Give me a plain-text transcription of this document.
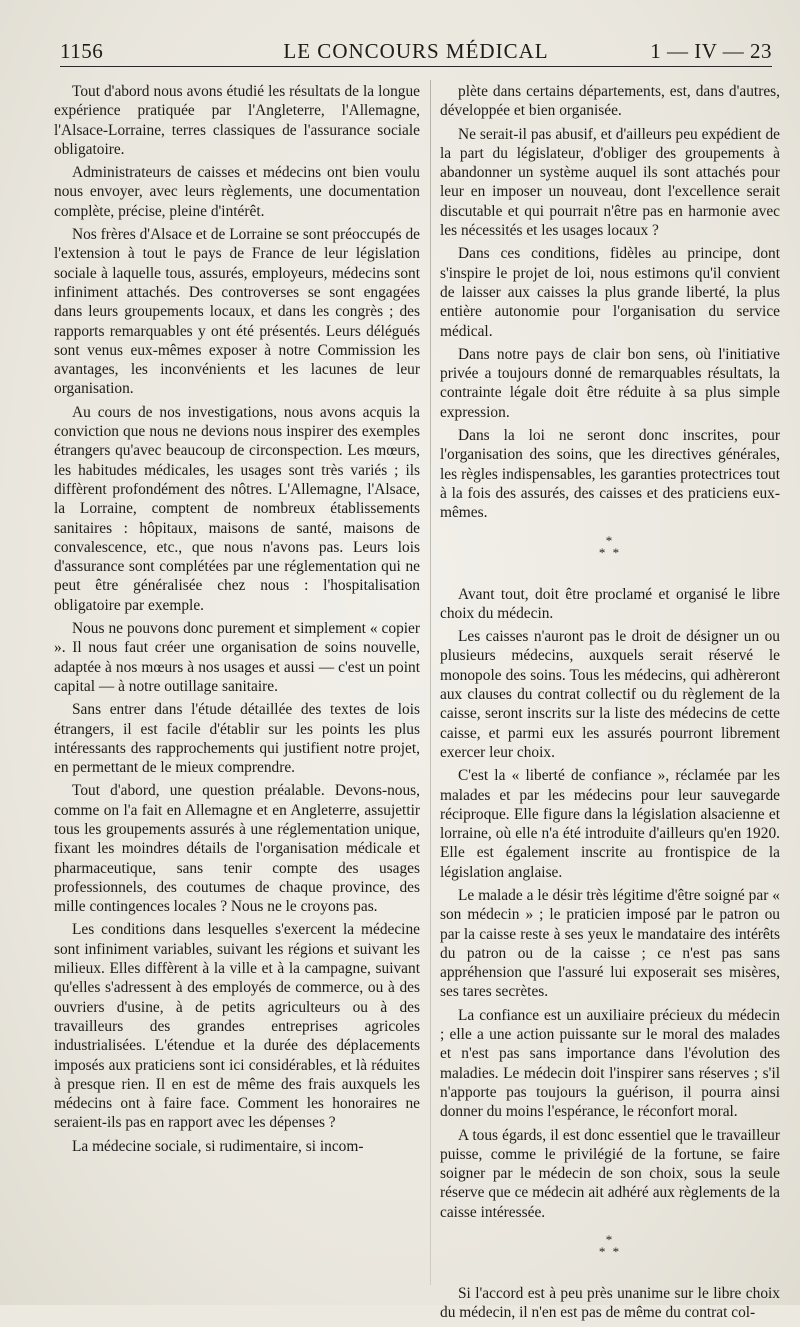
1156	LE CONCOURS MÉDICAL	1 — IV — 23

Tout d'abord nous avons étudié les résultats de la longue expérience pratiquée par l'Angleterre, l'Allemagne, l'Alsace-Lorraine, terres classiques de l'assurance sociale obligatoire.

Administrateurs de caisses et médecins ont bien voulu nous envoyer, avec leurs règlements, une documentation complète, précise, pleine d'intérêt.

Nos frères d'Alsace et de Lorraine se sont préoccupés de l'extension à tout le pays de France de leur législation sociale à laquelle tous, assurés, employeurs, médecins sont infiniment attachés. Des controverses se sont engagées dans leurs groupements locaux, et dans les congrès ; des rapports remarquables y ont été présentés. Leurs délégués sont venus eux-mêmes exposer à notre Commission les avantages, les inconvénients et les lacunes de leur organisation.

Au cours de nos investigations, nous avons acquis la conviction que nous ne devions nous inspirer des exemples étrangers qu'avec beaucoup de circonspection. Les mœurs, les habitudes médicales, les usages sont très variés ; ils diffèrent profondément des nôtres. L'Allemagne, l'Alsace, la Lorraine, comptent de nombreux établissements sanitaires : hôpitaux, maisons de santé, maisons de convalescence, etc., que nous n'avons pas. Leurs lois d'assurance sont complétées par une réglementation qui ne peut être généralisée chez nous : l'hospitalisation obligatoire par exemple.

Nous ne pouvons donc purement et simplement « copier ». Il nous faut créer une organisation de soins nouvelle, adaptée à nos mœurs à nos usages et aussi — c'est un point capital — à notre outillage sanitaire.

Sans entrer dans l'étude détaillée des textes de lois étrangers, il est facile d'établir sur les points les plus intéressants des rapprochements qui justifient notre projet, en permettant de le mieux comprendre.

Tout d'abord, une question préalable. Devons-nous, comme on l'a fait en Allemagne et en Angleterre, assujettir tous les groupements assurés à une réglementation unique, fixant les moindres détails de l'organisation médicale et pharmaceutique, sans tenir compte des usages professionnels, des coutumes de chaque province, des mille contingences locales ? Nous ne le croyons pas.

Les conditions dans lesquelles s'exercent la médecine sont infiniment variables, suivant les régions et suivant les milieux. Elles diffèrent à la ville et à la campagne, suivant qu'elles s'adressent à des employés de commerce, ou à des ouvriers d'usine, à de petits agriculteurs ou à des travailleurs des grandes entreprises agricoles industrialisées. L'étendue et la durée des déplacements imposés aux praticiens sont ici considérables, et là réduites à presque rien. Il en est de même des frais auxquels les médecins ont à faire face. Comment les honoraires ne seraient-ils pas en rapport avec les dépenses ?

La médecine sociale, si rudimentaire, si incom-

plète dans certains départements, est, dans d'autres, développée et bien organisée.

Ne serait-il pas abusif, et d'ailleurs peu expédient de la part du législateur, d'obliger des groupements à abandonner un système auquel ils sont attachés pour leur en imposer un nouveau, dont l'excellence serait discutable et qui pourrait n'être pas en harmonie avec les nécessités et les usages locaux ?

Dans ces conditions, fidèles au principe, dont s'inspire le projet de loi, nous estimons qu'il convient de laisser aux caisses la plus grande liberté, la plus entière autonomie pour l'organisation du service médical.

Dans notre pays de clair bon sens, où l'initiative privée a toujours donné de remarquables résultats, la contrainte légale doit être réduite à sa plus simple expression.

Dans la loi ne seront donc inscrites, pour l'organisation des soins, que les directives générales, les règles indispensables, les garanties protectrices tout à la fois des assurés, des caisses et des praticiens eux-mêmes.

*
* *

Avant tout, doit être proclamé et organisé le libre choix du médecin.

Les caisses n'auront pas le droit de désigner un ou plusieurs médecins, auxquels serait réservé le monopole des soins. Tous les médecins, qui adhèreront aux clauses du contrat collectif ou du règlement de la caisse, seront inscrits sur la liste des médecins de cette caisse, et parmi eux les assurés pourront librement exercer leur choix.

C'est la « liberté de confiance », réclamée par les malades et par les médecins pour leur sauvegarde réciproque. Elle figure dans la législation alsacienne et lorraine, où elle n'a été introduite d'ailleurs qu'en 1920. Elle est également inscrite au frontispice de la législation anglaise.

Le malade a le désir très légitime d'être soigné par « son médecin » ; le praticien imposé par le patron ou par la caisse reste à ses yeux le mandataire des intérêts du patron ou de la caisse ; ce n'est pas sans appréhension que l'assuré lui exposerait ses misères, ses tares secrètes.

La confiance est un auxiliaire précieux du médecin ; elle a une action puissante sur le moral des malades et n'est pas sans importance dans l'évolution des maladies. Le médecin doit l'inspirer sans réserves ; s'il n'apporte pas toujours la guérison, il pourra ainsi donner du moins l'espérance, le réconfort moral.

A tous égards, il est donc essentiel que le travailleur puisse, comme le privilégié de la fortune, se faire soigner par le médecin de son choix, sous la seule réserve que ce médecin ait adhéré aux règlements de la caisse intéressée.

*
* *

Si l'accord est à peu près unanime sur le libre choix du médecin, il n'en est pas de même du contrat col-
